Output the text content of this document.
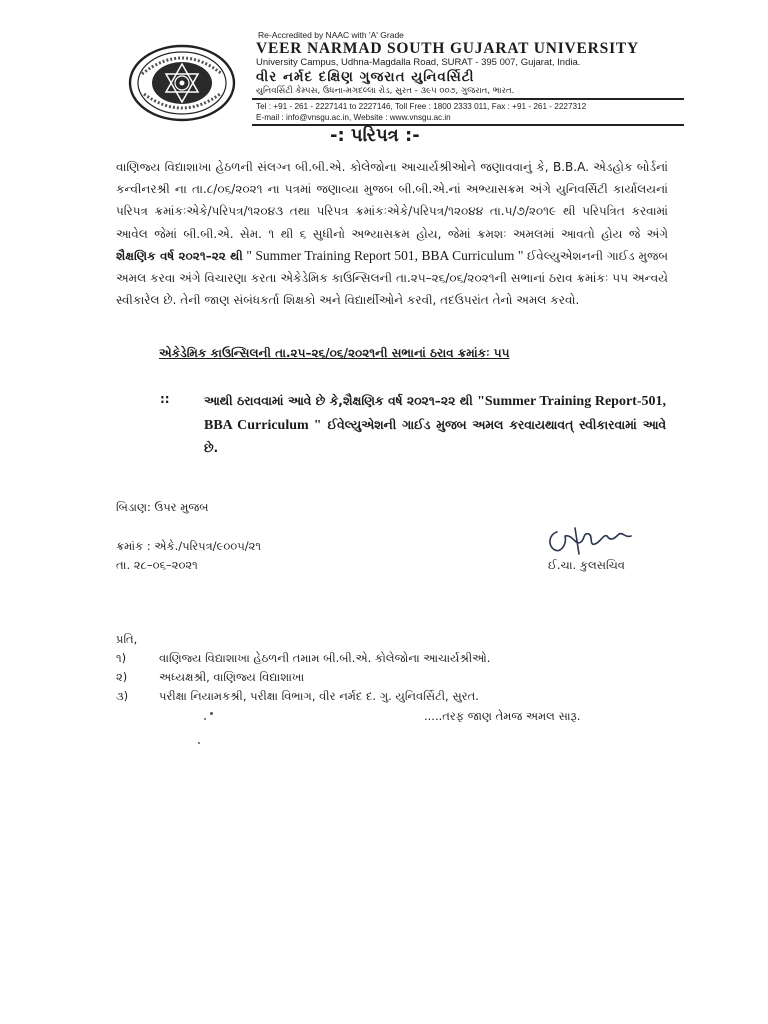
Re-Accredited by NAAC with 'A' Grade
VEER NARMAD SOUTH GUJARAT UNIVERSITY
University Campus, Udhna-Magdalla Road, SURAT - 395 007, Gujarat, India.
વીર નર્મદ દક્ષિણ ગુજરાત યુનિવર્સિટી
યુનિવર્સિટી કેમ્પસ, ઉધના-મગદલ્લા રોડ, સુરત - ૩૯૫ ૦૦૭, ગુજરાત, ભારત.
Tel : +91 - 261 - 2227141 to 2227146, Toll Free : 1800 2333 011, Fax : +91 - 261 - 2227312
E-mail : info@vnsgu.ac.in, Website : www.vnsgu.ac.in
-: પરિપત્ર :-
વાણિજ્ય વિદ્યાશાખા હેઠળની સંલગ્ન બી.બી.એ. કોલેજોના આચાર્યશ્રીઓને જણાવવાનું કે, B.B.A. એડહોક બોર્ડનાં કન્વીનરશ્રી ના તા.૮/૦૬/૨૦૨૧ ના પત્રમાં જણાવ્યા મુજબ બી.બી.એ.નાં અભ્યાસક્રમ અંગે યુનિવર્સિટી કાર્યાલયનાં પરિપત્ર ક્રમાંકઃએકે/પરિપત્ર/૧૨૦૪૩ તથા પરિપત્ર ક્રમાંકઃએકે/પરિપત્ર/૧૨૦૪૪ તા.૫/૭/૨૦૧૯ થી પરિપત્રિત કરવામાં આવેલ જેમાં બી.બી.એ. સેમ. ૧ થી ૬ સુધીનો અભ્યાસક્રમ હોય, જેમાં ક્રમશઃ અમલમાં આવતો હોય જે અંગે શૈક્ષણિક વર્ષ ૨૦૨૧–૨૨ થી " Summer Training Report 501, BBA Curriculum " ઈવેલ્યુએશનની ગાઈડ મુજબ અમલ કરવા અંગે વિચારણા કરતા એકેડેમિક કાઉન્સિલની તા.૨૫–૨૬/૦૬/૨૦૨૧ની સભાનાં ઠરાવ ક્રમાંકઃ ૫૫ અન્વયે સ્વીકારેલ છે. તેની જાણ સંબંધકર્તા શિક્ષકો અને વિદ્યાર્થીઓને કરવી, તદઉપરાંત તેનો અમલ કરવો.
એકેડેમિક કાઉન્સિલની તા.૨૫–૨૬/૦૬/૨૦૨૧ની સભાનાં ઠરાવ ક્રમાંકઃ ૫૫
::	આથી ઠરાવવામાં આવે છે કે,શૈક્ષણિક વર્ષ ૨૦૨૧–૨૨ થી "Summer Training Report-501, BBA Curriculum " ઈવેલ્યુએશની ગાઈડ મુજબ અમલ કરવાયથાવત્ સ્વીકારવામાં આવે છે.
બિડાણ: ઉપર મુજબ
ક્રમાંક : એકે./પરિપત્ર/૯૦૦૫/૨૧
તા. ૨૮–૦૬–૨૦૨૧	ઈ.ચા. કુલસચિવ
પ્રતિ,
૧)	વાણિજ્ય વિદ્યાશાખા હેઠળની તમામ બી.બી.એ. કોલેજોના આચાર્યશ્રીઓ.
૨)	અધ્યક્ષશ્રી, વાણિજ્ય વિદ્યાશાખા
૩)	પરીક્ષા નિયામકશ્રી, પરીક્ષા વિભાગ, વીર નર્મદ દ. ગુ. યુનિવર્સિટી, સુરત.
.....તરફ જાણ તેમજ અમલ સારૂ.
